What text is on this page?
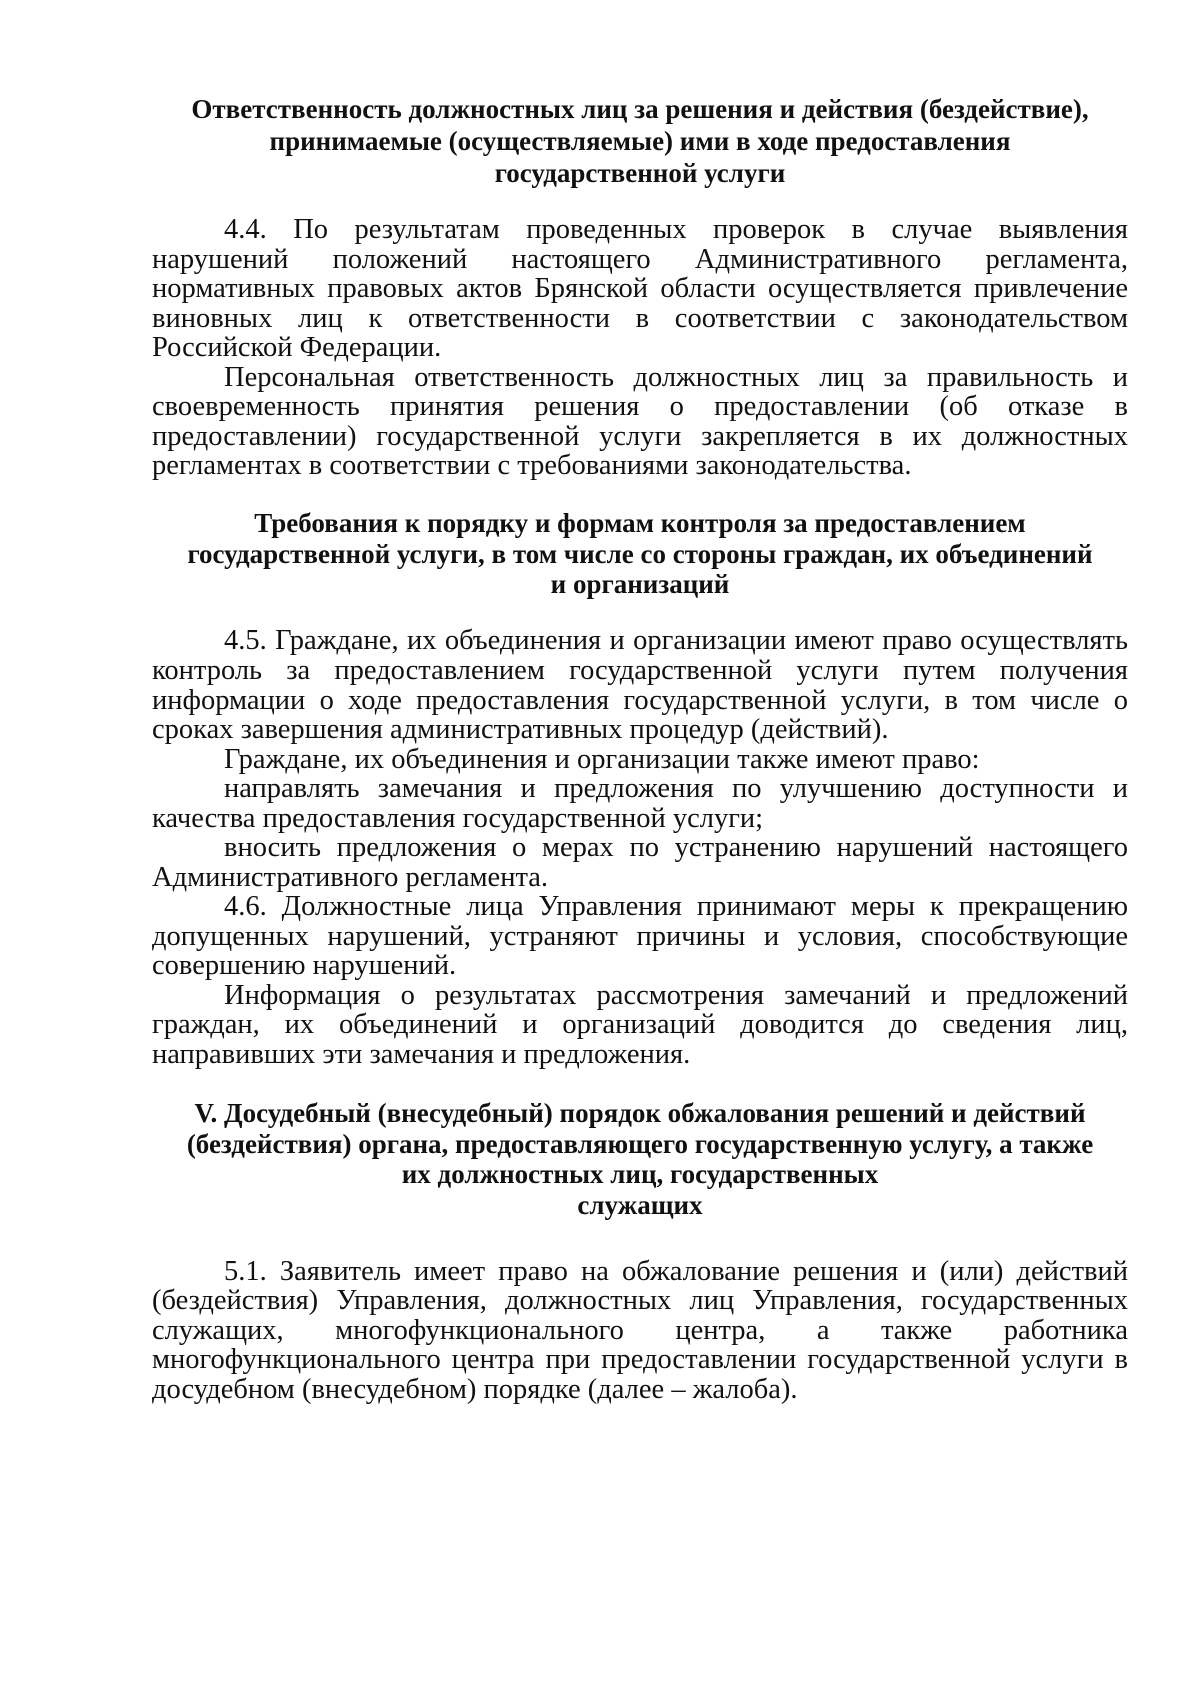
Ответственность должностных лиц за решения и действия (бездействие),
принимаемые (осуществляемые) ими в ходе предоставления
государственной услуги
4.4. По результатам проведенных проверок в случае выявления
нарушений положений настоящего Административного регламента,
нормативных правовых актов Брянской области осуществляется привлечение
виновных лиц к ответственности в соответствии с законодательством
Российской Федерации.
Персональная ответственность должностных лиц за правильность и
своевременность принятия решения о предоставлении (об отказе в
предоставлении) государственной услуги закрепляется в их должностных
регламентах в соответствии с требованиями законодательства.
Требования к порядку и формам контроля за предоставлением
государственной услуги, в том числе со стороны граждан, их объединений
и организаций
4.5. Граждане, их объединения и организации имеют право осуществлять
контроль за предоставлением государственной услуги путем получения
информации о ходе предоставления государственной услуги, в том числе о
сроках завершения административных процедур (действий).
Граждане, их объединения и организации также имеют право:
направлять замечания и предложения по улучшению доступности и
качества предоставления государственной услуги;
вносить предложения о мерах по устранению нарушений настоящего
Административного регламента.
4.6. Должностные лица Управления принимают меры к прекращению
допущенных нарушений, устраняют причины и условия, способствующие
совершению нарушений.
Информация о результатах рассмотрения замечаний и предложений
граждан, их объединений и организаций доводится до сведения лиц,
направивших эти замечания и предложения.
V. Досудебный (внесудебный) порядок обжалования решений и действий
(бездействия) органа, предоставляющего государственную услугу, а также
их должностных лиц, государственных
служащих
5.1. Заявитель имеет право на обжалование решения и (или) действий
(бездействия) Управления, должностных лиц Управления, государственных
служащих, многофункционального центра, а также работника
многофункционального центра при предоставлении государственной услуги в
досудебном (внесудебном) порядке (далее – жалоба).
